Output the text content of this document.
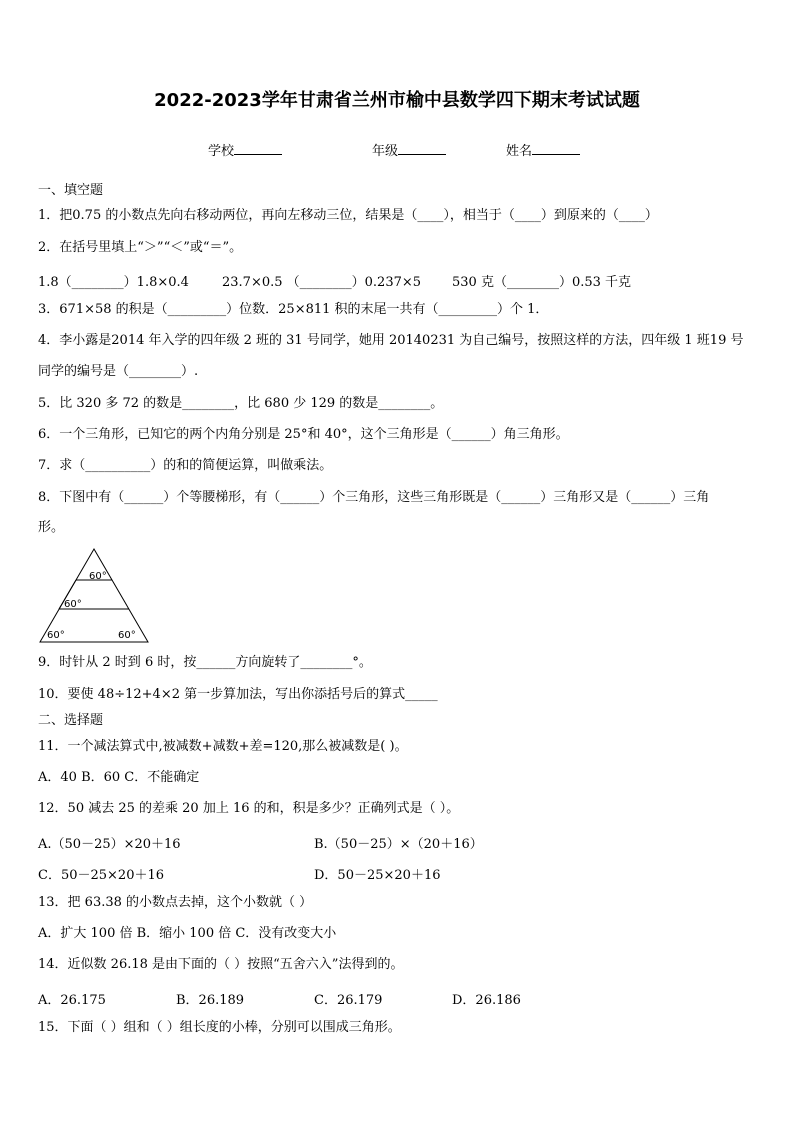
2022-2023学年甘肃省兰州市榆中县数学四下期末考试试题
学校	年级	姓名
一、填空题
1．把0.75 的小数点先向右移动两位，再向左移动三位，结果是（____），相当于（____）到原来的（____）
2．在括号里填上“＞”“＜”或“＝”。
1.8（________）1.8×0.4	23.7×0.5 （________）0.237×5 530 克（________）0.53 千克
3．671×58 的积是（_________）位数．25×811 积的末尾一共有（_________）个 1．
4．李小露是2014 年入学的四年级 2 班的 31 号同学，她用 20140231 为自己编号，按照这样的方法，四年级 1 班19 号
同学的编号是（________）.
5．比 320 多 72 的数是________，比 680 少 129 的数是________。
6．一个三角形，已知它的两个内角分别是 25°和 40°，这个三角形是（______）角三角形。
7．求（__________）的和的简便运算，叫做乘法。
8．下图中有（______）个等腰梯形，有（______）个三角形，这些三角形既是（______）三角形又是（______）三角
形。
60°
60°
60°	60°
9．时针从 2 时到 6 时，按______方向旋转了________°。
10．要使 48÷12+4×2 第一步算加法，写出你添括号后的算式_____
二、选择题
11．一个减法算式中,被减数+减数+差=120,那么被减数是( )。
A．40 B．60 C．不能确定
12．50 减去 25 的差乘 20 加上 16 的和，积是多少？正确列式是（ ）。
A.（50－25）×20＋16	B.（50－25）×（20＋16）
C．50－25×20＋16	D．50－25×20＋16
13．把 63.38 的小数点去掉，这个小数就（ ）
A．扩大 100 倍 B．缩小 100 倍 C．没有改变大小
14．近似数 26.18 是由下面的（ ）按照“五舍六入”法得到的。
A．26.175	B．26.189	C．26.179	D．26.186
15．下面（ ）组和（ ）组长度的小棒，分别可以围成三角形。
